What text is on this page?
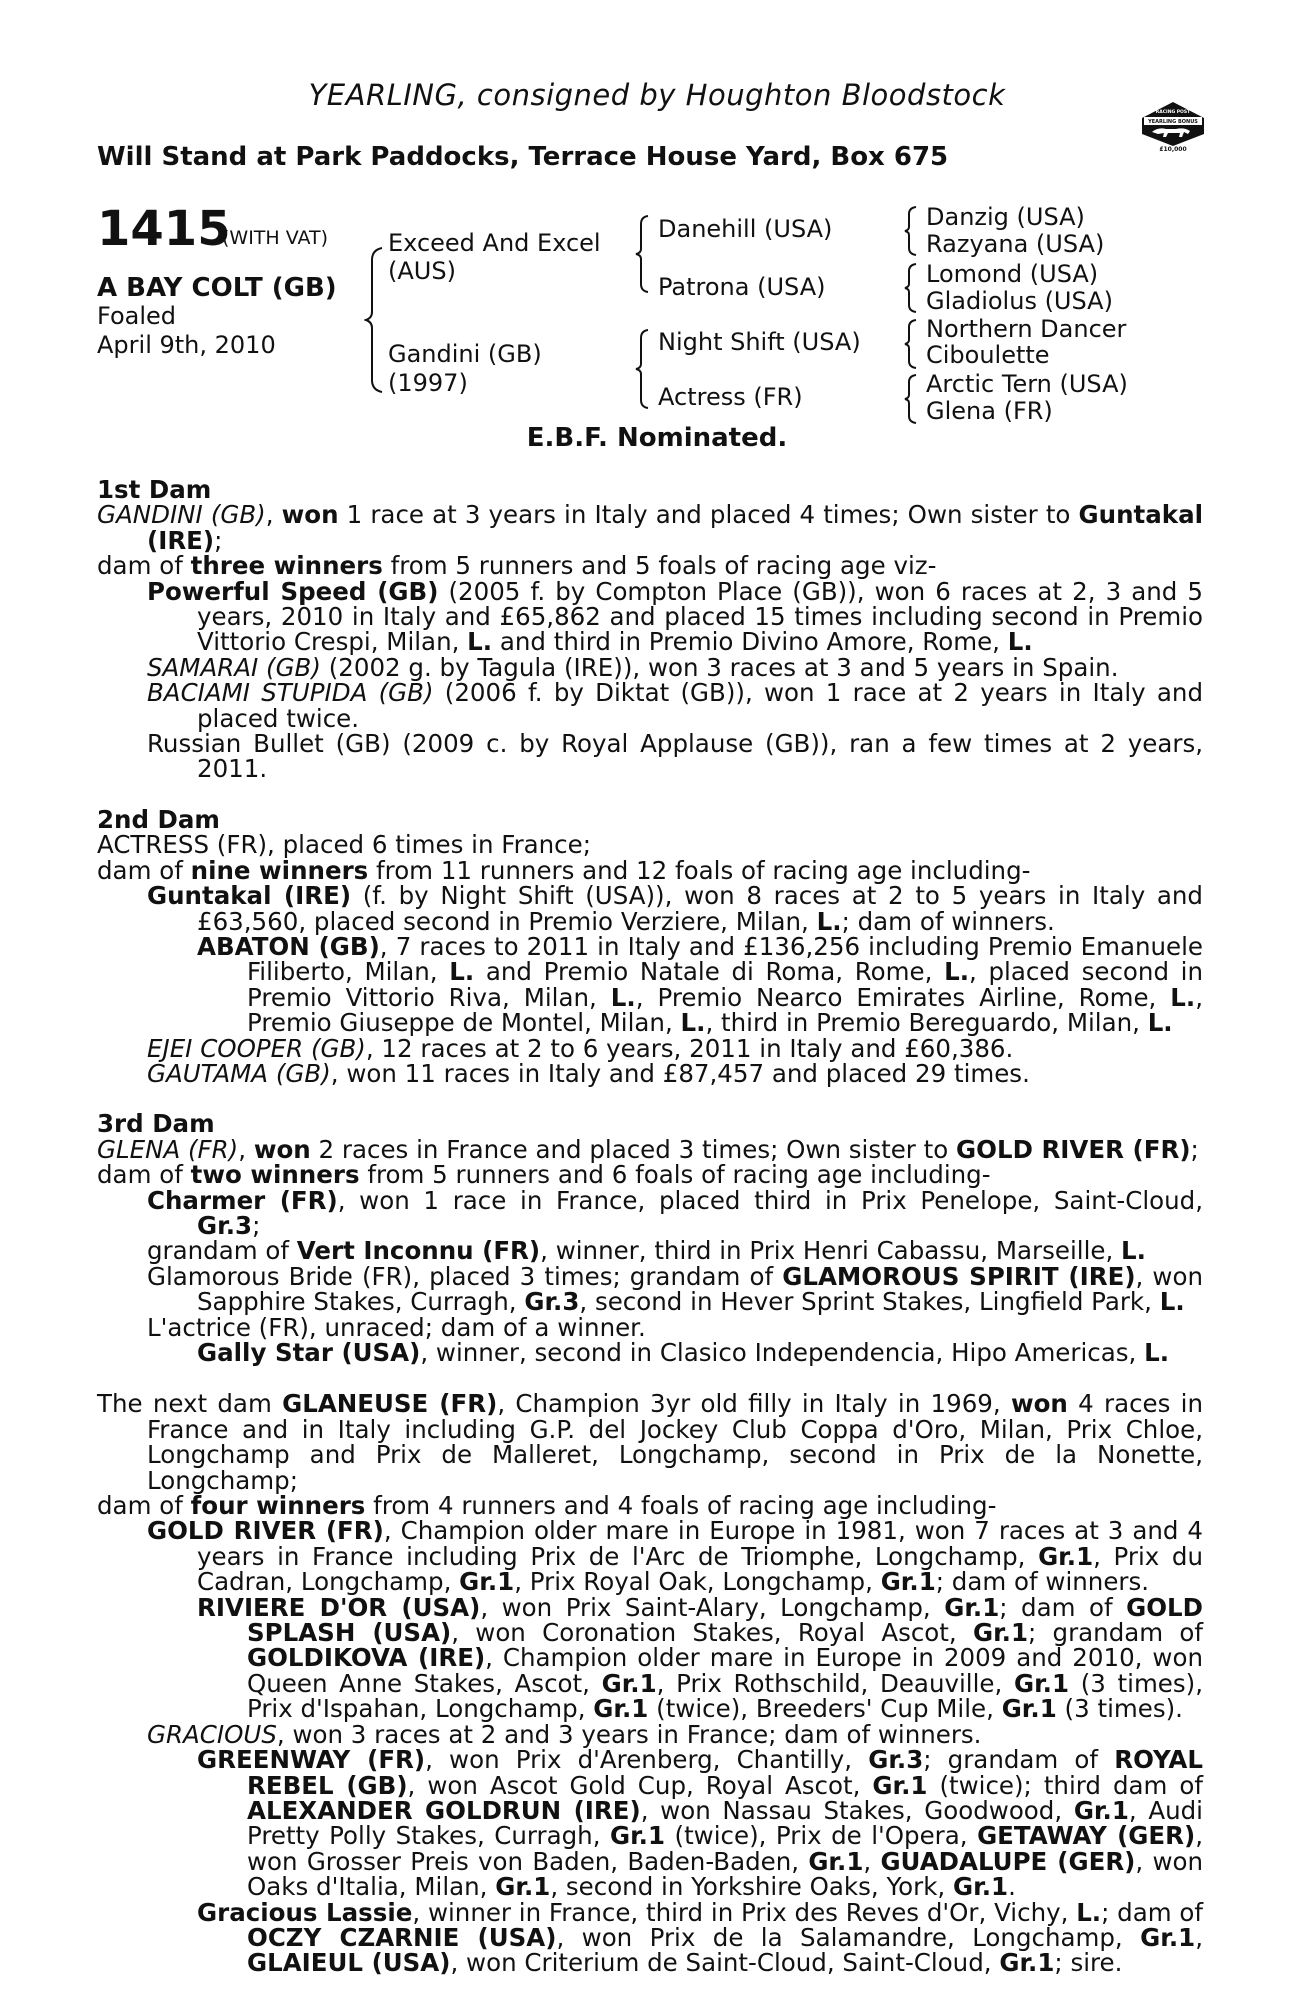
YEARLING, consigned by Houghton Bloodstock
Will Stand at Park Paddocks, Terrace House Yard, Box 675
YEARLING BONUS
RACING POST
£10,000
1415
(WITH VAT)
A BAY COLT (GB)
Foaled
April 9th, 2010
Exceed And Excel
(AUS)
Gandini (GB)
(1997)
Danehill (USA)
Patrona (USA)
Night Shift (USA)
Actress (FR)
Danzig (USA)
Razyana (USA)
Lomond (USA)
Gladiolus (USA)
Northern Dancer
Ciboulette
Arctic Tern (USA)
Glena (FR)
E.B.F. Nominated.
1st Dam
GANDINI (GB), won 1 race at 3 years in Italy and placed 4 times; Own sister to Guntakal (IRE);
dam of three winners from 5 runners and 5 foals of racing age viz-
Powerful Speed (GB) (2005 f. by Compton Place (GB)), won 6 races at 2, 3 and 5 years, 2010 in Italy and £65,862 and placed 15 times including second in Premio Vittorio Crespi, Milan, L. and third in Premio Divino Amore, Rome, L.
SAMARAI (GB) (2002 g. by Tagula (IRE)), won 3 races at 3 and 5 years in Spain.
BACIAMI STUPIDA (GB) (2006 f. by Diktat (GB)), won 1 race at 2 years in Italy and placed twice.
Russian Bullet (GB) (2009 c. by Royal Applause (GB)), ran a few times at 2 years, 2011.
2nd Dam
ACTRESS (FR), placed 6 times in France;
dam of nine winners from 11 runners and 12 foals of racing age including-
Guntakal (IRE) (f. by Night Shift (USA)), won 8 races at 2 to 5 years in Italy and £63,560, placed second in Premio Verziere, Milan, L.; dam of winners.
ABATON (GB), 7 races to 2011 in Italy and £136,256 including Premio Emanuele Filiberto, Milan, L. and Premio Natale di Roma, Rome, L., placed second in Premio Vittorio Riva, Milan, L., Premio Nearco Emirates Airline, Rome, L., Premio Giuseppe de Montel, Milan, L., third in Premio Bereguardo, Milan, L.
EJEI COOPER (GB), 12 races at 2 to 6 years, 2011 in Italy and £60,386.
GAUTAMA (GB), won 11 races in Italy and £87,457 and placed 29 times.
3rd Dam
GLENA (FR), won 2 races in France and placed 3 times; Own sister to GOLD RIVER (FR);
dam of two winners from 5 runners and 6 foals of racing age including-
Charmer (FR), won 1 race in France, placed third in Prix Penelope, Saint-Cloud, Gr.3;
grandam of Vert Inconnu (FR), winner, third in Prix Henri Cabassu, Marseille, L.
Glamorous Bride (FR), placed 3 times; grandam of GLAMOROUS SPIRIT (IRE), won Sapphire Stakes, Curragh, Gr.3, second in Hever Sprint Stakes, Lingfield Park, L.
L'actrice (FR), unraced; dam of a winner.
Gally Star (USA), winner, second in Clasico Independencia, Hipo Americas, L.
The next dam GLANEUSE (FR), Champion 3yr old filly in Italy in 1969, won 4 races in France and in Italy including G.P. del Jockey Club Coppa d'Oro, Milan, Prix Chloe, Longchamp and Prix de Malleret, Longchamp, second in Prix de la Nonette, Longchamp;
dam of four winners from 4 runners and 4 foals of racing age including-
GOLD RIVER (FR), Champion older mare in Europe in 1981, won 7 races at 3 and 4 years in France including Prix de l'Arc de Triomphe, Longchamp, Gr.1, Prix du Cadran, Longchamp, Gr.1, Prix Royal Oak, Longchamp, Gr.1; dam of winners.
RIVIERE D'OR (USA), won Prix Saint-Alary, Longchamp, Gr.1; dam of GOLD SPLASH (USA), won Coronation Stakes, Royal Ascot, Gr.1; grandam of GOLDIKOVA (IRE), Champion older mare in Europe in 2009 and 2010, won Queen Anne Stakes, Ascot, Gr.1, Prix Rothschild, Deauville, Gr.1 (3 times), Prix d'Ispahan, Longchamp, Gr.1 (twice), Breeders' Cup Mile, Gr.1 (3 times).
GRACIOUS, won 3 races at 2 and 3 years in France; dam of winners.
GREENWAY (FR), won Prix d'Arenberg, Chantilly, Gr.3; grandam of ROYAL REBEL (GB), won Ascot Gold Cup, Royal Ascot, Gr.1 (twice); third dam of ALEXANDER GOLDRUN (IRE), won Nassau Stakes, Goodwood, Gr.1, Audi Pretty Polly Stakes, Curragh, Gr.1 (twice), Prix de l'Opera, GETAWAY (GER), won Grosser Preis von Baden, Baden-Baden, Gr.1, GUADALUPE (GER), won Oaks d'Italia, Milan, Gr.1, second in Yorkshire Oaks, York, Gr.1.
Gracious Lassie, winner in France, third in Prix des Reves d'Or, Vichy, L.; dam of OCZY CZARNIE (USA), won Prix de la Salamandre, Longchamp, Gr.1, GLAIEUL (USA), won Criterium de Saint-Cloud, Saint-Cloud, Gr.1; sire.
